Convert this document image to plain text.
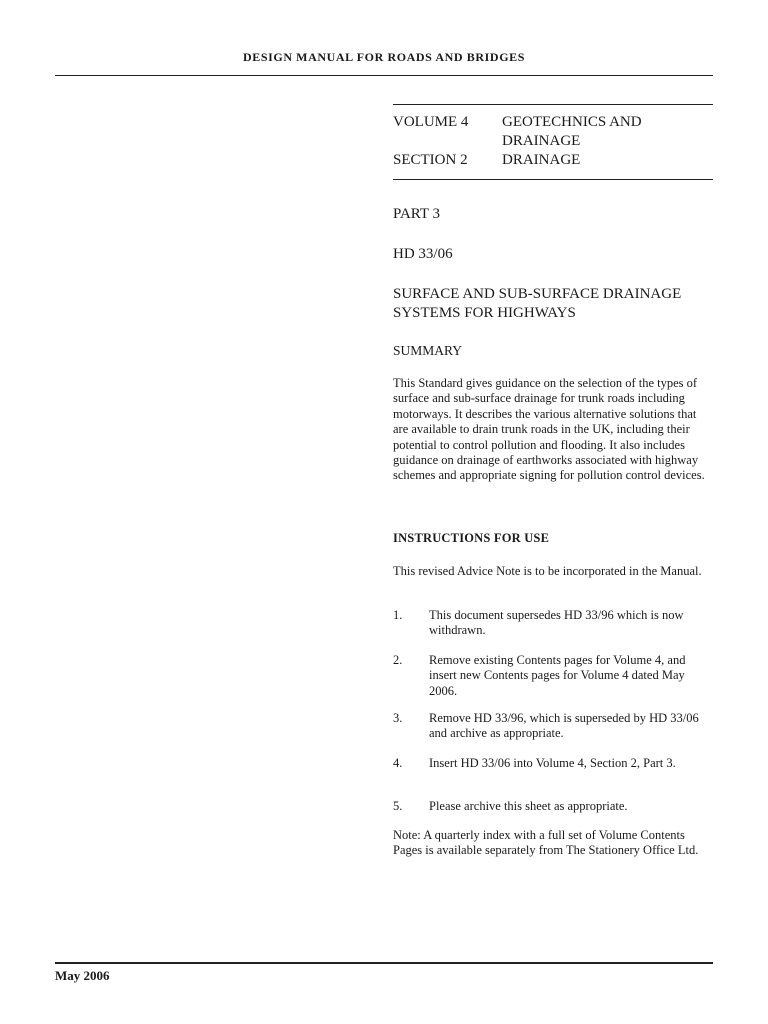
DESIGN MANUAL FOR ROADS AND BRIDGES
VOLUME 4	GEOTECHNICS AND DRAINAGE
SECTION 2	DRAINAGE
PART 3
HD 33/06
SURFACE AND SUB-SURFACE DRAINAGE SYSTEMS FOR HIGHWAYS
SUMMARY
This Standard gives guidance on the selection of the types of surface and sub-surface drainage for trunk roads including motorways. It describes the various alternative solutions that are available to drain trunk roads in the UK, including their potential to control pollution and flooding. It also includes guidance on drainage of earthworks associated with highway schemes and appropriate signing for pollution control devices.
INSTRUCTIONS FOR USE
This revised Advice Note is to be incorporated in the Manual.
1.	This document supersedes HD 33/96 which is now withdrawn.
2.	Remove existing Contents pages for Volume 4, and insert new Contents pages for Volume 4 dated May 2006.
3.	Remove HD 33/96, which is superseded by HD 33/06 and archive as appropriate.
4.	Insert HD 33/06 into Volume 4, Section 2, Part 3.
5.	Please archive this sheet as appropriate.
Note: A quarterly index with a full set of Volume Contents Pages is available separately from The Stationery Office Ltd.
May 2006
